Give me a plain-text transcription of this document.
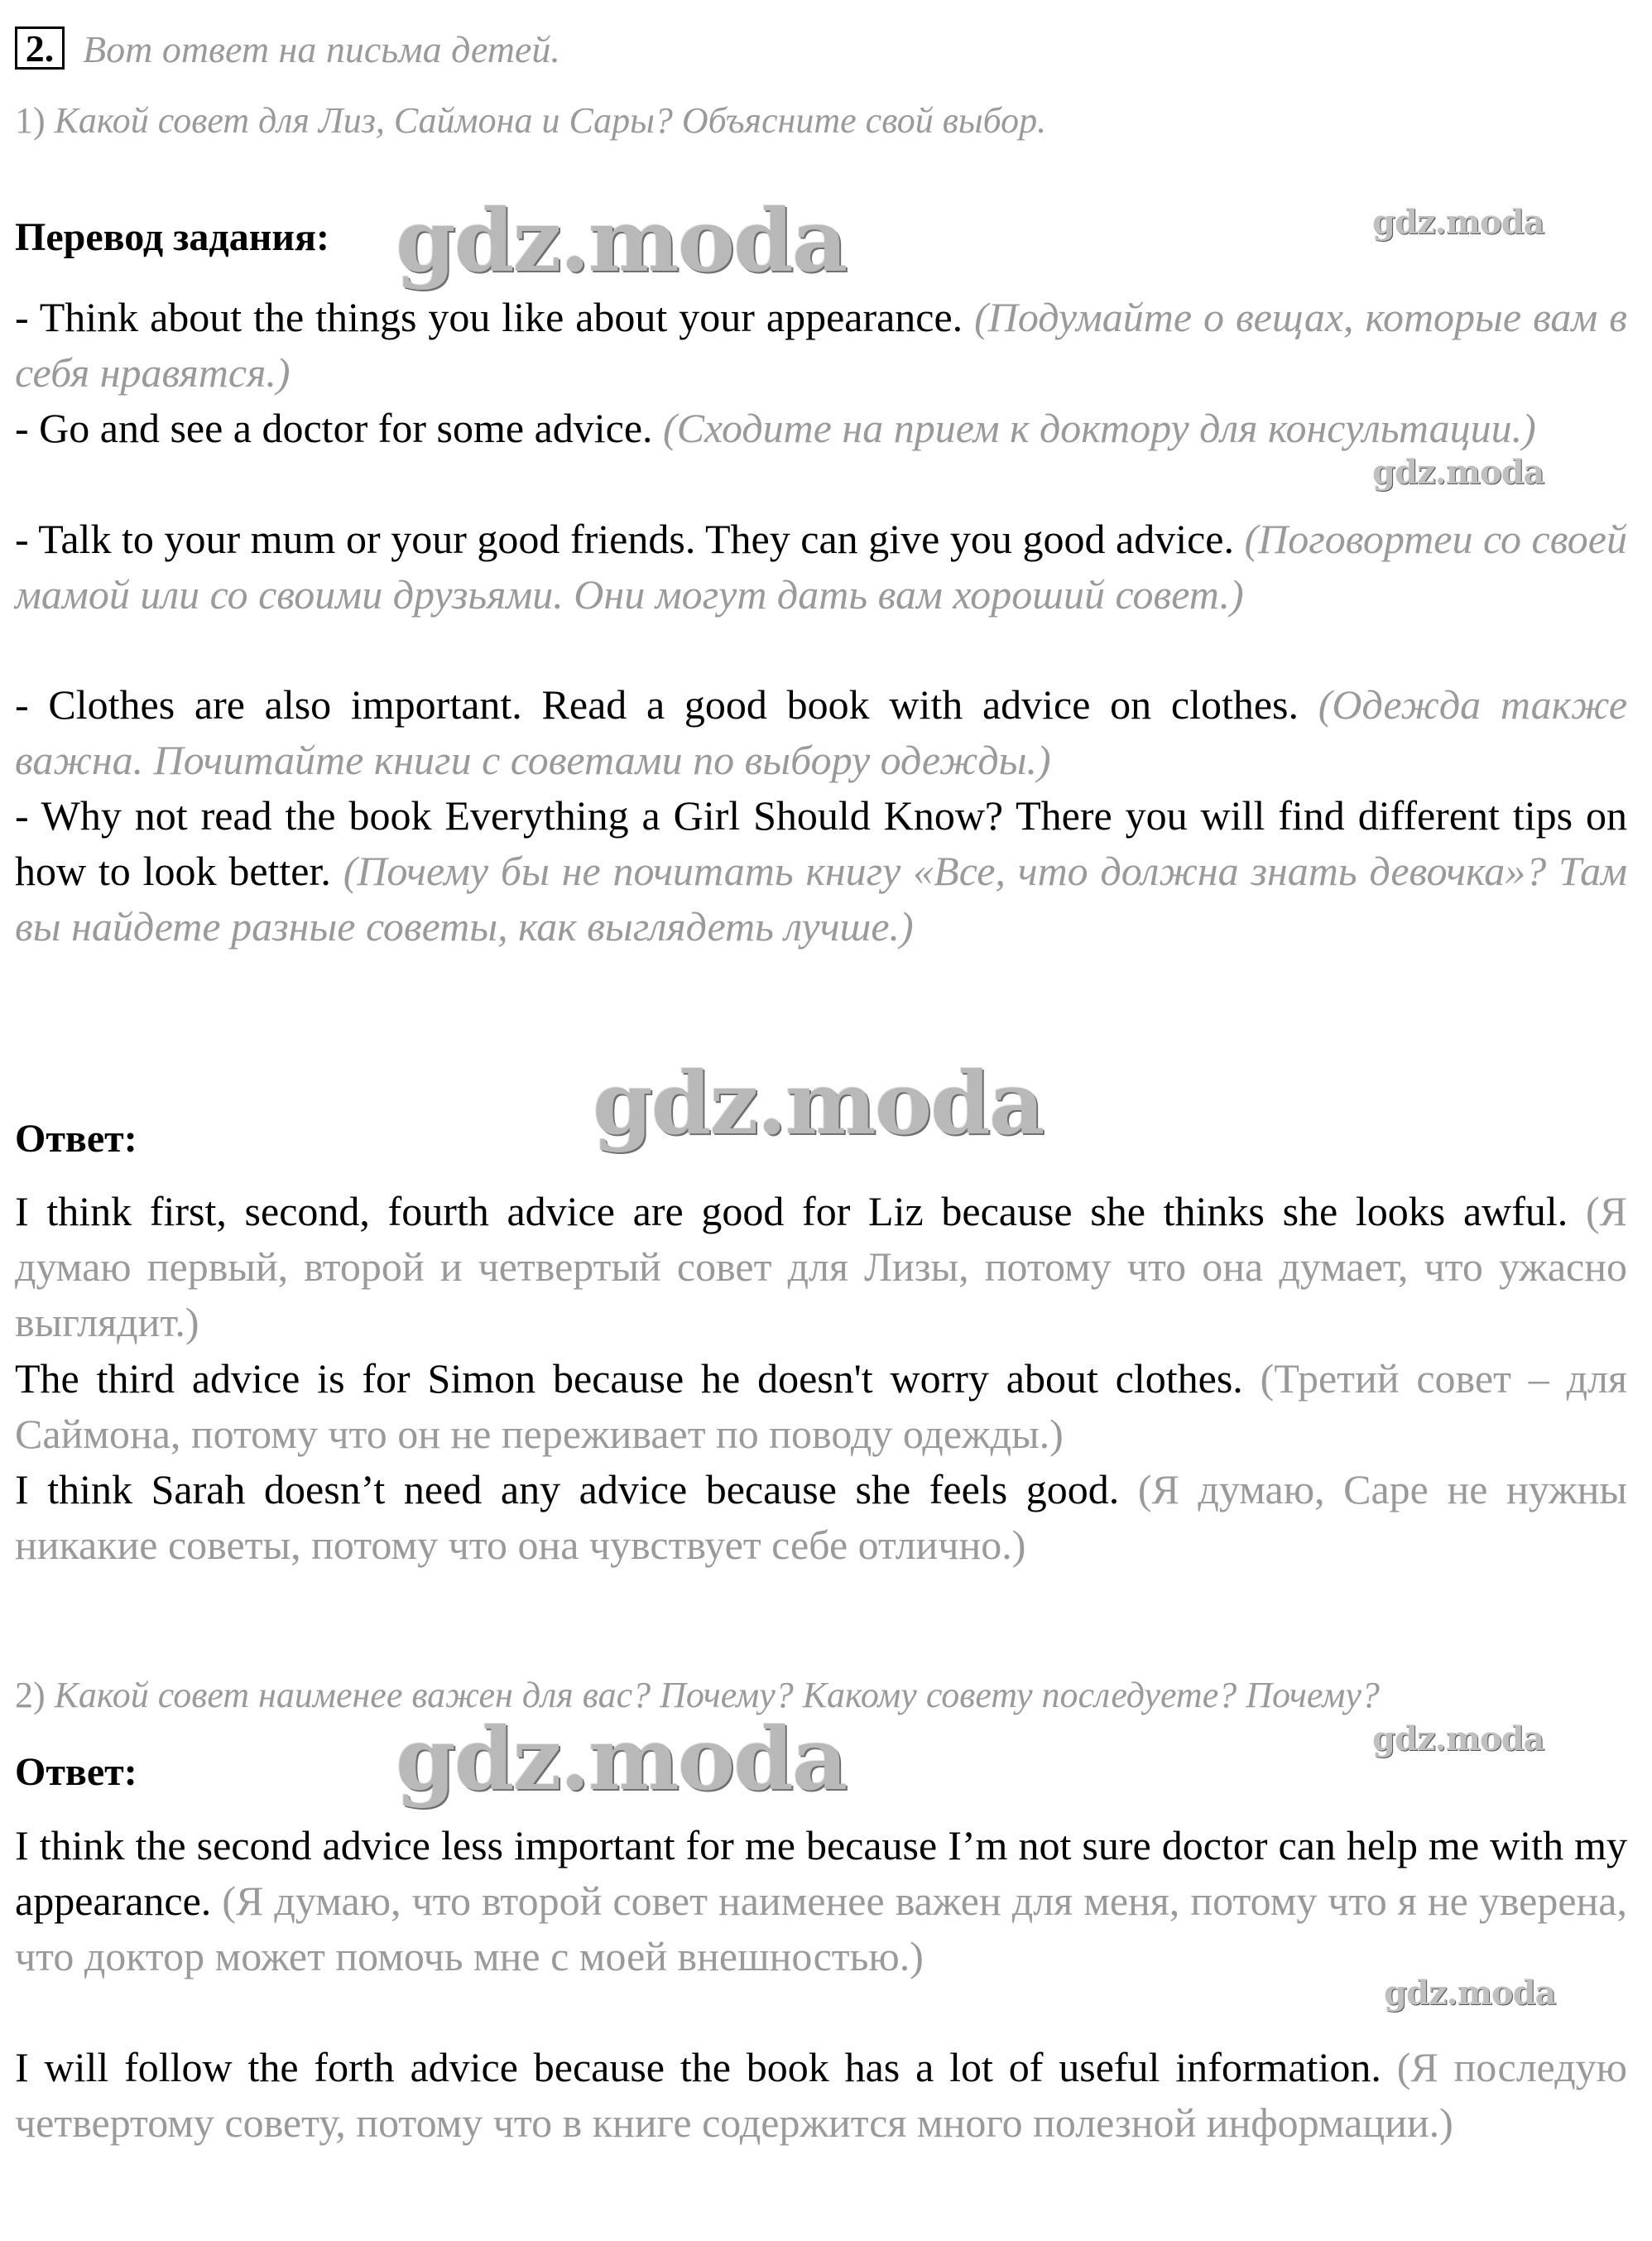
2. Вот ответ на письма детей.
1) Какой совет для Лиз, Саймона и Сары? Объясните свой выбор.
Перевод задания:

- Think about the things you like about your appearance. (Подумайте о вещах, которые вам в себя нравятся.)

- Go and see a doctor for some advice. (Сходите на прием к доктору для консультации.)

- Talk to your mum or your good friends. They can give you good advice. (Поговортеи со своей мамой или со своими друзьями. Они могут дать вам хороший совет.)

- Clothes are also important. Read a good book with advice on clothes. (Одежда также важна. Почитайте книги с советами по выбору одежды.)

- Why not read the book Everything a Girl Should Know? There you will find different tips on how to look better. (Почему бы не почитать книгу «Все, что должна знать девочка»? Там вы найдете разные советы, как выглядеть лучше.)

Ответ:

I think first, second, fourth advice are good for Liz because she thinks she looks awful. (Я думаю первый, второй и четвертый совет для Лизы, потому что она думает, что ужасно выглядит.)

The third advice is for Simon because he doesn't worry about clothes. (Третий совет – для Саймона, потому что он не переживает по поводу одежды.)

I think Sarah doesn’t need any advice because she feels good. (Я думаю, Саре не нужны никакие советы, потому что она чувствует себе отлично.)

2) Какой совет наименее важен для вас? Почему? Какому совету последуете? Почему?
Ответ:

I think the second advice less important for me because I’m not sure doctor can help me with my appearance. (Я думаю, что второй совет наименее важен для меня, потому что я не уверена, что доктор может помочь мне с моей внешностью.)

I will follow the forth advice because the book has a lot of useful information. (Я последую четвертому совету, потому что в книге содержится много полезной информации.)

gdz.moda	gdz.moda
gdz.moda
gdz.moda
gdz.moda
gdz.moda
gdz.moda
